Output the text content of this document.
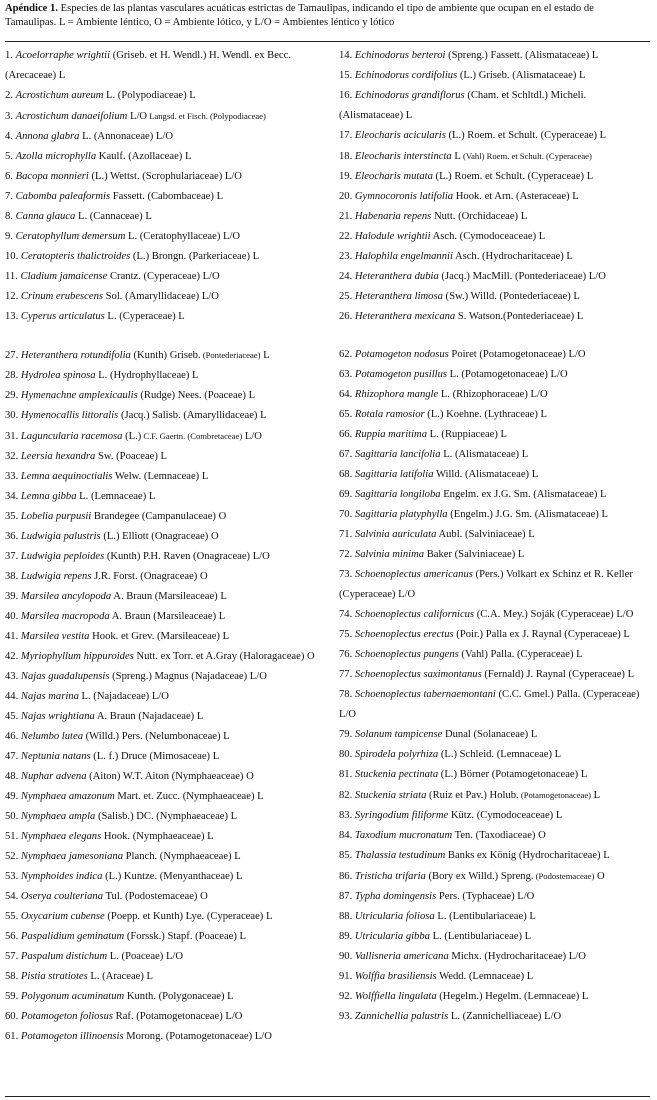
Apéndice 1. Especies de las plantas vasculares acuáticas estrictas de Tamaulipas, indicando el tipo de ambiente que ocupan en el estado de Tamaulipas. L = Ambiente léntico, O = Ambiente lótico, y L/O = Ambientes léntico y lótico

1. Acoelorraphe wrightii (Griseb. et H. Wendl.) H. Wendl. ex Becc. (Arecaceae) L
2. Acrostichum aureum L. (Polypodiaceae) L
3. Acrostichum danaeifolium L/O Langsd. et Fisch. (Polypodiaceae)
4. Annona glabra L. (Annonaceae) L/O
5. Azolla microphylla Kaulf. (Azollaceae) L
6. Bacopa monnieri (L.) Wettst. (Scrophulariaceae) L/O
7. Cabomba paleaformis Fassett. (Cabombaceae) L
8. Canna glauca L. (Cannaceae) L
9. Ceratophyllum demersum L. (Ceratophyllaceae) L/O
10. Ceratopteris thalictroides (L.) Brongn. (Parkeriaceae) L
11. Cladium jamaicense Crantz. (Cyperaceae) L/O
12. Crinum erubescens Sol. (Amaryllidaceae) L/O
13. Cyperus articulatus L. (Cyperaceae) L
14. Echinodorus berteroi (Spreng.) Fassett. (Alismataceae) L
15. Echinodorus cordifolius (L.) Griseb. (Alismataceae) L
16. Echinodorus grandiflorus (Cham. et Schltdl.) Micheli. (Alismataceae) L
17. Eleocharis acicularis (L.) Roem. et Schult. (Cyperaceae) L
18. Eleocharis interstincta L (Vahl) Roem. et Schult. (Cyperaceae)
19. Eleocharis mutata (L.) Roem. et Schult. (Cyperaceae) L
20. Gymnocoronis latifolia Hook. et Arn. (Asteraceae) L
21. Habenaria repens Nutt. (Orchidaceae) L
22. Halodule wrightii Asch. (Cymodoceaceae) L
23. Halophila engelmannii Asch. (Hydrocharitaceae) L
24. Heteranthera dubia (Jacq.) MacMill. (Pontederiaceae) L/O
25. Heteranthera limosa (Sw.) Willd. (Pontederiaceae) L
26. Heteranthera mexicana S. Watson.(Pontederiaceae) L
27. Heteranthera rotundifolia (Kunth) Griseb. (Pontederiaceae) L
28. Hydrolea spinosa L. (Hydrophyllaceae) L
29. Hymenachne amplexicaulis (Rudge) Nees. (Poaceae) L
30. Hymenocallis littoralis (Jacq.) Salisb. (Amaryllidaceae) L
31. Laguncularia racemosa (L.) C.F. Gaertn. (Combretaceae) L/O
32. Leersia hexandra Sw. (Poaceae) L
33. Lemna aequinoctialis Welw. (Lemnaceae) L
34. Lemna gibba L. (Lemnaceae) L
35. Lobelia purpusii Brandegee (Campanulaceae) O
36. Ludwigia palustris (L.) Elliott (Onagraceae) O
37. Ludwigia peploides (Kunth) P.H. Raven (Onagraceae) L/O
38. Ludwigia repens J.R. Forst. (Onagraceae) O
39. Marsilea ancylopoda A. Braun (Marsileaceae) L
40. Marsilea macropoda A. Braun (Marsileaceae) L
41. Marsilea vestita Hook. et Grev. (Marsileaceae) L
42. Myriophyllum hippuroides Nutt. ex Torr. et A.Gray (Haloragaceae) O
43. Najas guadalupensis (Spreng.) Magnus (Najadaceae) L/O
44. Najas marina L. (Najadaceae) L/O
45. Najas wrightiana A. Braun (Najadaceae) L
46. Nelumbo lutea (Willd.) Pers. (Nelumbonaceae) L
47. Neptunia natans (L. f.) Druce (Mimosaceae) L
48. Nuphar advena (Aiton) W.T. Aiton (Nymphaeaceae) O
49. Nymphaea amazonum Mart. et. Zucc. (Nymphaeaceae) L
50. Nymphaea ampla (Salisb.) DC. (Nymphaeaceae) L
51. Nymphaea elegans Hook. (Nymphaeaceae) L
52. Nymphaea jamesoniana Planch. (Nymphaeaceae) L
53. Nymphoides indica (L.) Kuntze. (Menyanthaceae) L
54. Oserya coulteriana Tul. (Podostemaceae) O
55. Oxycarium cubense (Poepp. et Kunth) Lye. (Cyperaceae) L
56. Paspalidium geminatum (Forssk.) Stapf. (Poaceae) L
57. Paspalum distichum L. (Poaceae) L/O
58. Pistia stratiotes L. (Araceae) L
59. Polygonum acuminatum Kunth. (Polygonaceae) L
60. Potamogeton foliosus Raf. (Potamogetonaceae) L/O
61. Potamogeton illinoensis Morong. (Potamogetonaceae) L/O
62. Potamogeton nodosus Poiret (Potamogetonaceae) L/O
63. Potamogeton pusillus L. (Potamogetonaceae) L/O
64. Rhizophora mangle L. (Rhizophoraceae) L/O
65. Rotala ramosior (L.) Koehne. (Lythraceae) L
66. Ruppia maritima L. (Ruppiaceae) L
67. Sagittaria lancifolia L. (Alismataceae) L
68. Sagittaria latifolia Willd. (Alismataceae) L
69. Sagittaria longiloba Engelm. ex J.G. Sm. (Alismataceae) L
70. Sagittaria platyphylla (Engelm.) J.G. Sm. (Alismataceae) L
71. Salvinia auriculata Aubl. (Salviniaceae) L
72. Salvinia minima Baker (Salviniaceae) L
73. Schoenoplectus americanus (Pers.) Volkart ex Schinz et R. Keller (Cyperaceae) L/O
74. Schoenoplectus californicus (C.A. Mey.) Soják (Cyperaceae) L/O
75. Schoenoplectus erectus (Poir.) Palla ex J. Raynal (Cyperaceae) L
76. Schoenoplectus pungens (Vahl) Palla. (Cyperaceae) L
77. Schoenoplectus saximontanus (Fernald) J. Raynal (Cyperaceae) L
78. Schoenoplectus tabernaemontani (C.C. Gmel.) Palla. (Cyperaceae) L/O
79. Solanum tampicense Dunal (Solanaceae) L
80. Spirodela polyrhiza (L.) Schleid. (Lemnaceae) L
81. Stuckenia pectinata (L.) Börner (Potamogetonaceae) L
82. Stuckenia striata (Ruiz et Pav.) Holub. (Potamogetonaceae) L
83. Syringodium filiforme Kütz. (Cymodoceaceae) L
84. Taxodium mucronatum Ten. (Taxodiaceae) O
85. Thalassia testudinum Banks ex König (Hydrocharitaceae) L
86. Tristicha trifaria (Bory ex Willd.) Spreng. (Podostemaceae) O
87. Typha domingensis Pers. (Typhaceae) L/O
88. Utricularia foliosa L. (Lentibulariaceae) L
89. Utricularia gibba L. (Lentibulariaceae) L
90. Vallisneria americana Michx. (Hydrocharitaceae) L/O
91. Wolffia brasiliensis Wedd. (Lemnaceae) L
92. Wolffiella lingulata (Hegelm.) Hegelm. (Lemnaceae) L
93. Zannichellia palustris L. (Zannichelliaceae) L/O
